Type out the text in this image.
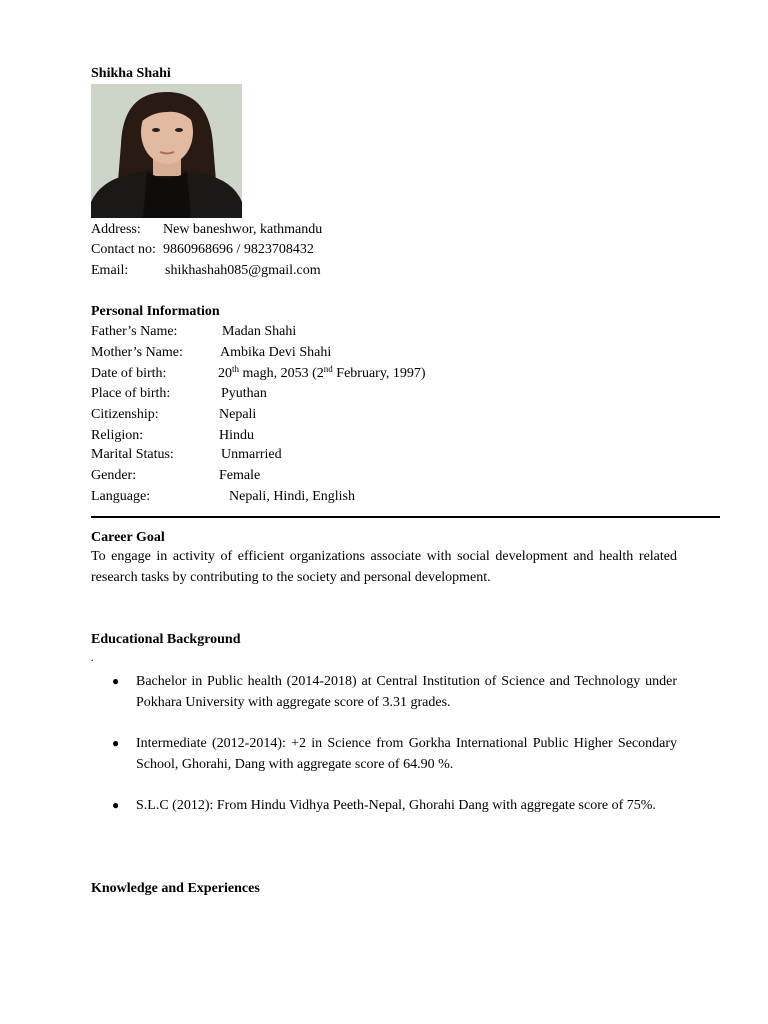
Shikha Shahi
Address: New baneshwor, kathmandu
Contact no: 9860968696 / 9823708432
Email:	shikhashah085@gmail.com
Personal Information
Father’s Name:	Madan Shahi
Mother’s Name:	Ambika Devi Shahi
Date of birth:	20th magh, 2053 (2nd February, 1997)
Place of birth:	Pyuthan
Citizenship:	Nepali
Religion:	Hindu
Marital Status:	Unmarried
Gender:	Female
Language:	Nepali, Hindi, English
Career Goal
To engage in activity of efficient organizations associate with social development and health related research tasks by contributing to the society and personal development.
Educational Background
.
● Bachelor in Public health (2014-2018) at Central Institution of Science and Technology under Pokhara University with aggregate score of 3.31 grades.
● Intermediate (2012-2014): +2 in Science from Gorkha International Public Higher Secondary School, Ghorahi, Dang with aggregate score of 64.90 %.
● S.L.C (2012): From Hindu Vidhya Peeth-Nepal, Ghorahi Dang with aggregate score of 75%.
Knowledge and Experiences
